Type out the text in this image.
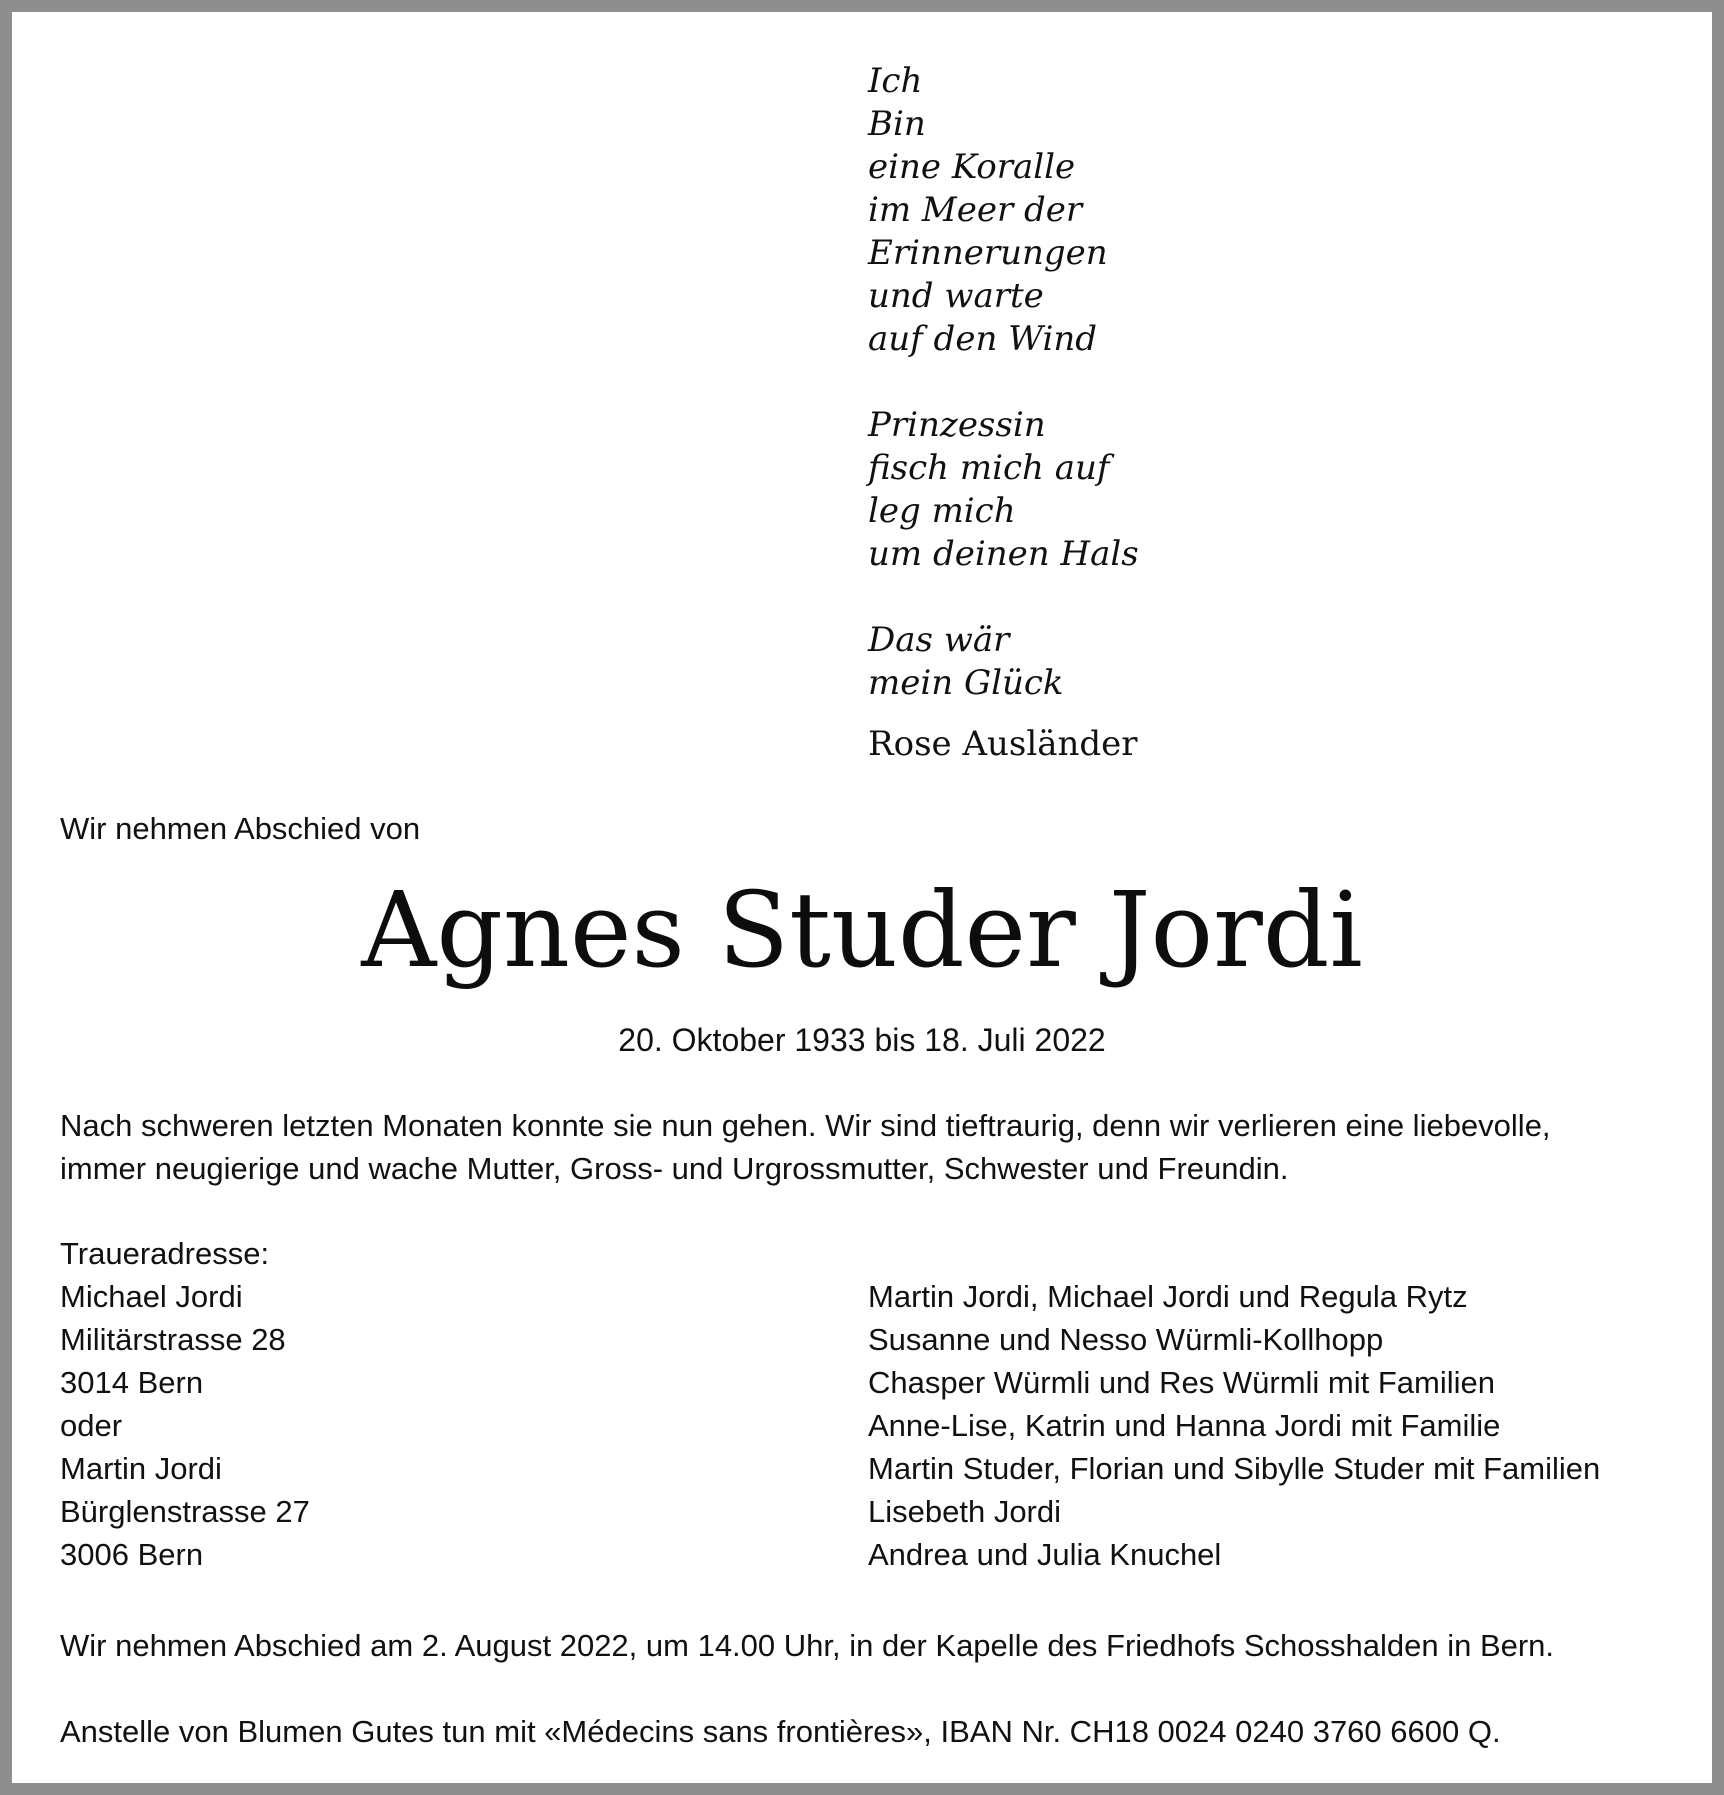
Ich
Bin
eine Koralle
im Meer der
Erinnerungen
und warte
auf den Wind
Prinzessin
fisch mich auf
leg mich
um deinen Hals
Das wär
mein Glück
Rose Ausländer
Wir nehmen Abschied von
Agnes Studer Jordi
20. Oktober 1933 bis 18. Juli 2022
Nach schweren letzten Monaten konnte sie nun gehen. Wir sind tieftraurig, denn wir verlieren eine liebevolle,
immer neugierige und wache Mutter, Gross- und Urgrossmutter, Schwester und Freundin.
Traueradresse:
Michael Jordi
Militärstrasse 28
3014 Bern
oder
Martin Jordi
Bürglenstrasse 27
3006 Bern
Martin Jordi, Michael Jordi und Regula Rytz
Susanne und Nesso Würmli-Kollhopp
Chasper Würmli und Res Würmli mit Familien
Anne-Lise, Katrin und Hanna Jordi mit Familie
Martin Studer, Florian und Sibylle Studer mit Familien
Lisebeth Jordi
Andrea und Julia Knuchel
Wir nehmen Abschied am 2. August 2022, um 14.00 Uhr, in der Kapelle des Friedhofs Schosshalden in Bern.
Anstelle von Blumen Gutes tun mit «Médecins sans frontières», IBAN Nr. CH18 0024 0240 3760 6600 Q.
